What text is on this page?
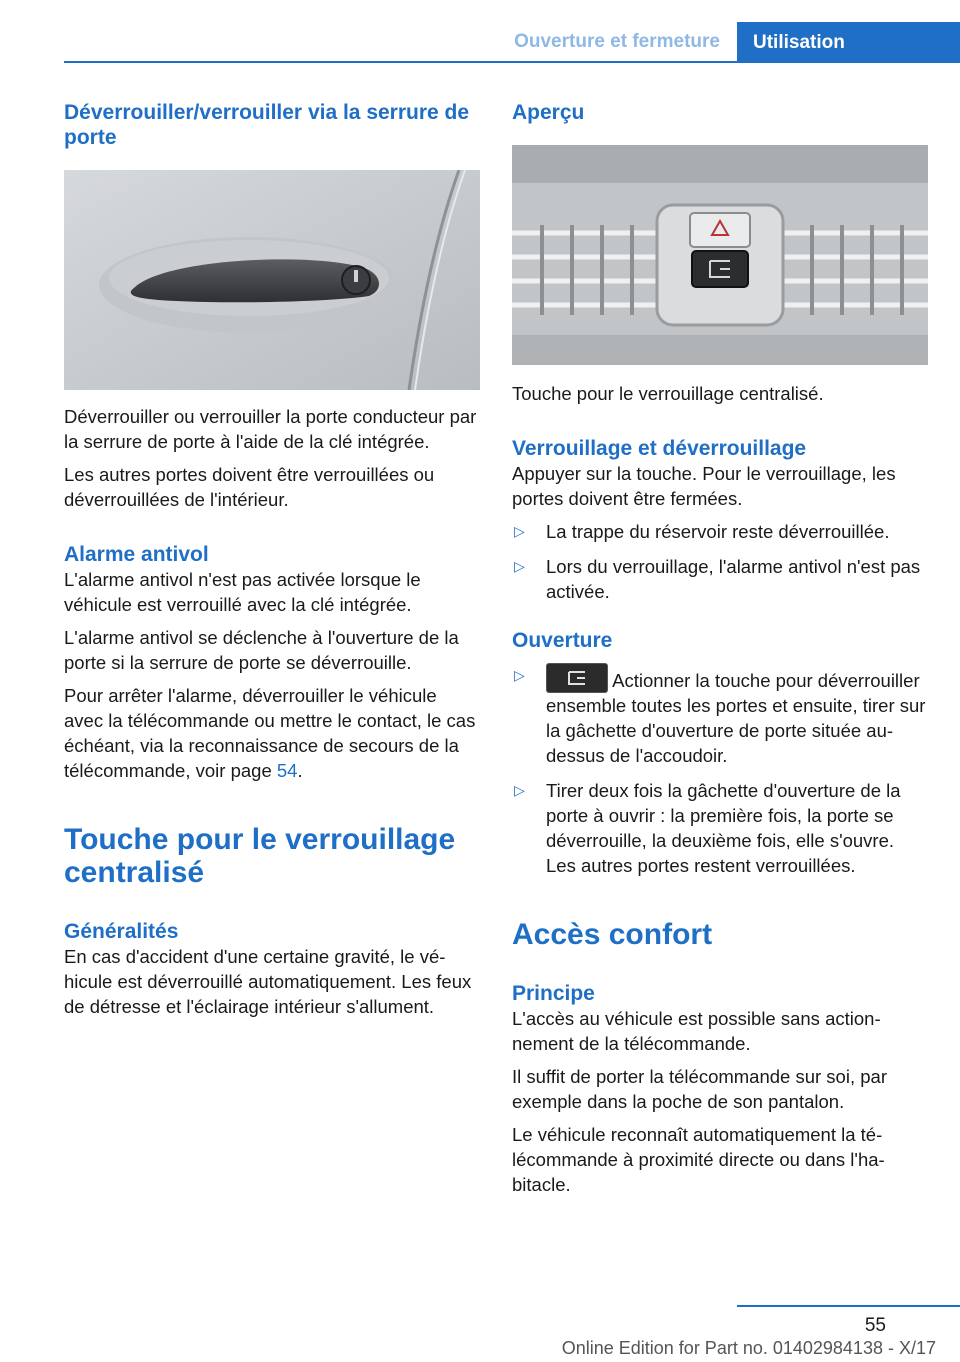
Ouverture et fermeture Utilisation
Déverrouiller/verrouiller via la serrure de porte

Déverrouiller ou verrouiller la porte conducteur par la serrure de porte à l'aide de la clé intégrée.

Les autres portes doivent être verrouillées ou déverrouillées de l'intérieur.

Alarme antivol

L'alarme antivol n'est pas activée lorsque le véhicule est verrouillé avec la clé intégrée.

L'alarme antivol se déclenche à l'ouverture de la porte si la serrure de porte se déverrouille.

Pour arrêter l'alarme, déverrouiller le véhicule avec la télécommande ou mettre le contact, le cas échéant, via la reconnaissance de secours de la télécommande, voir page 54.

Touche pour le verrouillage centralisé
Généralités

En cas d'accident d'une certaine gravité, le véhicule est déverrouillé automatiquement. Les feux de détresse et l'éclairage intérieur s'allument.

Aperçu

Touche pour le verrouillage centralisé.

Verrouillage et déverrouillage

Appuyer sur la touche. Pour le verrouillage, les portes doivent être fermées.

▷ La trappe du réservoir reste déverrouillée.
▷ Lors du verrouillage, l'alarme antivol n'est pas activée.
Ouverture
▷	Actionner la touche pour déverrouiller ensemble toutes les portes et ensuite, tirer sur la gâchette d'ouverture de porte située au-dessus de l'accoudoir.
▷ Tirer deux fois la gâchette d'ouverture de la porte à ouvrir : la première fois, la porte se déverrouille, la deuxième fois, elle s'ouvre. Les autres portes restent verrouillées.
Accès confort
Principe

L'accès au véhicule est possible sans actionnement de la télécommande.

Il suffit de porter la télécommande sur soi, par exemple dans la poche de son pantalon.

Le véhicule reconnaît automatiquement la télécommande à proximité directe ou dans l'habitacle.

55
Online Edition for Part no. 01402984138 - X/17
